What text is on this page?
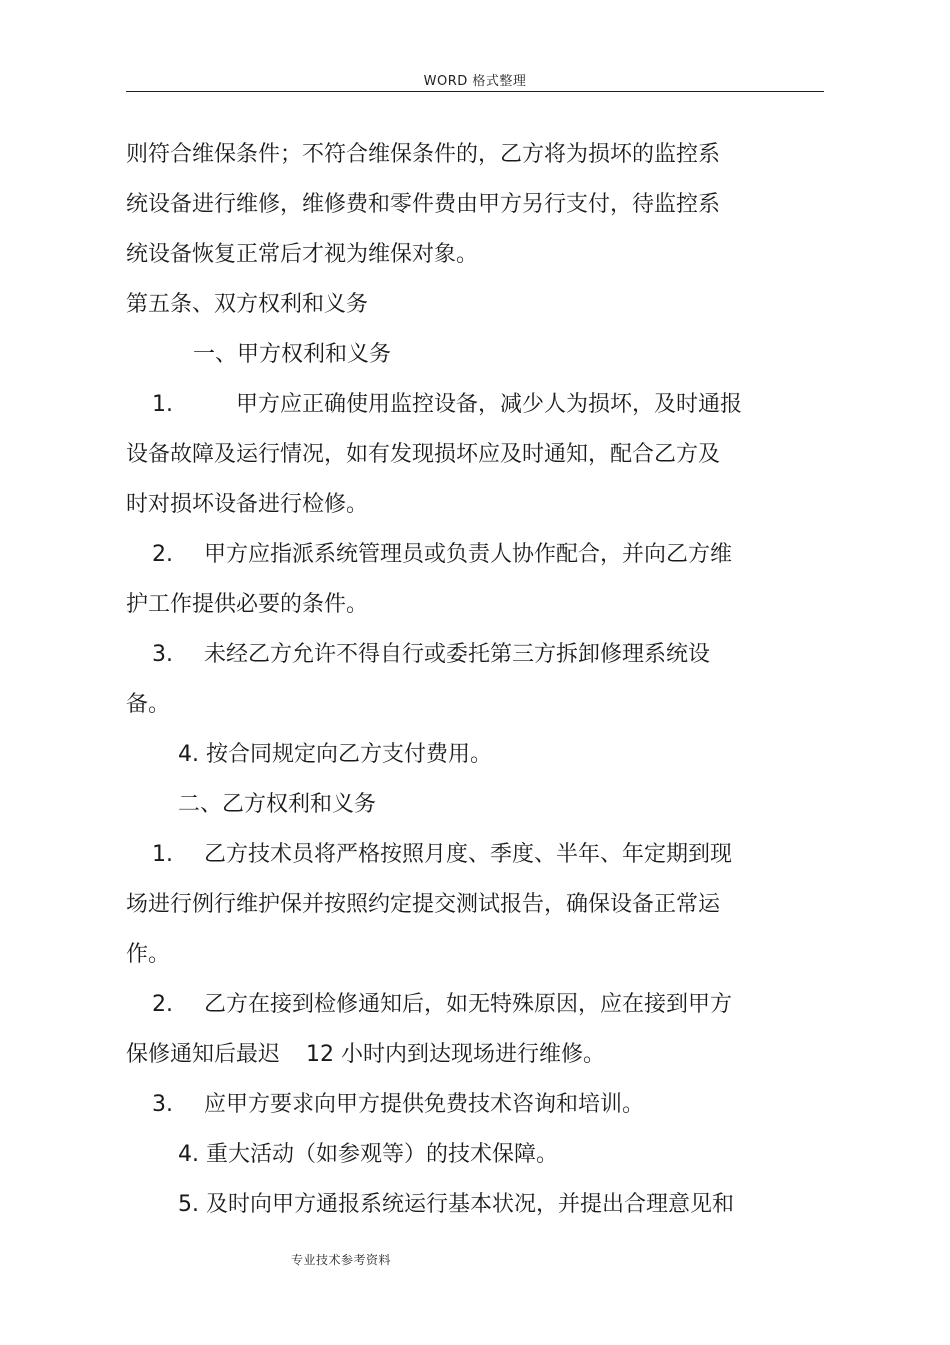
WORD 格式整理
则符合维保条件；不符合维保条件的，乙方将为损坏的监控系
统设备进行维修，维修费和零件费由甲方另行支付，待监控系
统设备恢复正常后才视为维保对象。
第五条、双方权利和义务
一、甲方权利和义务
1.	甲方应正确使用监控设备，减少人为损坏，及时通报
设备故障及运行情况，如有发现损坏应及时通知，配合乙方及
时对损坏设备进行检修。
2. 甲方应指派系统管理员或负责人协作配合，并向乙方维
护工作提供必要的条件。
3. 未经乙方允许不得自行或委托第三方拆卸修理系统设
备。
4. 按合同规定向乙方支付费用。
二、乙方权利和义务
1. 乙方技术员将严格按照月度、季度、半年、年定期到现
场进行例行维护保并按照约定提交测试报告，确保设备正常运
作。
2. 乙方在接到检修通知后，如无特殊原因，应在接到甲方
保修通知后最迟 12 小时内到达现场进行维修。
3. 应甲方要求向甲方提供免费技术咨询和培训。
4. 重大活动（如参观等）的技术保障。
5. 及时向甲方通报系统运行基本状况，并提出合理意见和
专业技术参考资料
